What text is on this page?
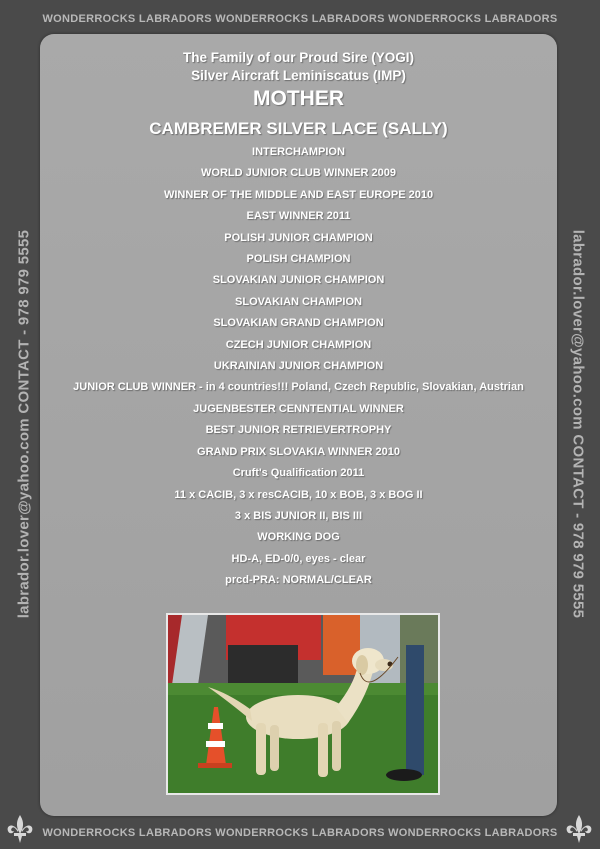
WONDERROCKS LABRADORS WONDERROCKS LABRADORS WONDERROCKS LABRADORS
labrador.lover@yahoo.com CONTACT - 978 979 5555	labrador.lover@yahoo.com CONTACT - 978 979 5555
The Family of our Proud Sire (YOGI)
Silver Aircraft Leminiscatus (IMP)
MOTHER
CAMBREMER SILVER LACE (SALLY)
INTERCHAMPION
WORLD JUNIOR CLUB WINNER 2009
WINNER OF THE MIDDLE AND EAST EUROPE 2010
EAST WINNER 2011
POLISH JUNIOR CHAMPION
POLISH CHAMPION
SLOVAKIAN JUNIOR CHAMPION
SLOVAKIAN CHAMPION
SLOVAKIAN GRAND CHAMPION
CZECH JUNIOR CHAMPION
UKRAINIAN JUNIOR CHAMPION
JUNIOR CLUB WINNER - in 4 countries!!! Poland, Czech Republic, Slovakian, Austrian
JUGENBESTER CENNTENTIAL WINNER
BEST JUNIOR RETRIEVERTROPHY
GRAND PRIX SLOVAKIA WINNER 2010
Cruft's Qualification 2011
11 x CACIB, 3 x resCACIB, 10 x BOB, 3 x BOG II
3 x BIS JUNIOR II, BIS III
WORKING DOG
HD-A, ED-0/0, eyes - clear
prcd-PRA: NORMAL/CLEAR
WONDERROCKS LABRADORS WONDERROCKS LABRADORS WONDERROCKS LABRADORS
